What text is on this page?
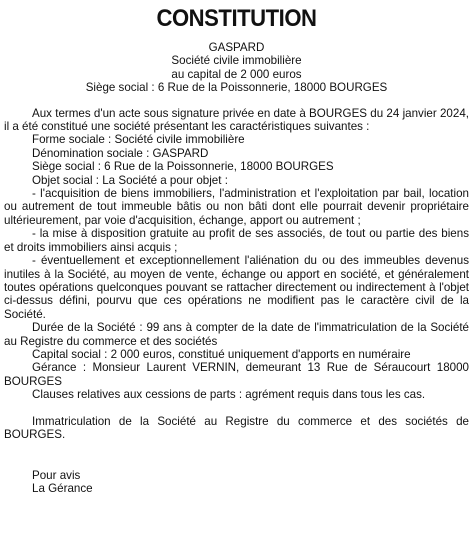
CONSTITUTION
GASPARD
Société civile immobilière
au capital de 2 000 euros
Siège social : 6 Rue de la Poissonnerie, 18000 BOURGES

Aux termes d'un acte sous signature privée en date à BOURGES du 24 janvier 2024, il a été constitué une société présentant les caractéristiques suivantes :

Forme sociale : Société civile immobilière

Dénomination sociale : GASPARD

Siège social : 6 Rue de la Poissonnerie, 18000 BOURGES

Objet social : La Société a pour objet :

- l'acquisition de biens immobiliers, l'administration et l'exploitation par bail, location ou autrement de tout immeuble bâtis ou non bâti dont elle pourrait devenir propriétaire ultérieurement, par voie d'acquisition, échange, apport ou autrement ;

- la mise à disposition gratuite au profit de ses associés, de tout ou partie des biens et droits immobiliers ainsi acquis ;

- éventuellement et exceptionnellement l'aliénation du ou des immeubles devenus inutiles à la Société, au moyen de vente, échange ou apport en société, et généralement toutes opérations quelconques pouvant se rattacher directement ou indirectement à l'objet ci-dessus défini, pourvu que ces opérations ne modifient pas le caractère civil de la Société.

Durée de la Société : 99 ans à compter de la date de l'immatriculation de la Société au Registre du commerce et des sociétés

Capital social : 2 000 euros, constitué uniquement d'apports en numéraire

Gérance : Monsieur Laurent VERNIN, demeurant 13 Rue de Séraucourt 18000 BOURGES

Clauses relatives aux cessions de parts : agrément requis dans tous les cas.

Immatriculation de la Société au Registre du commerce et des sociétés de BOURGES.

Pour avis

La Gérance
